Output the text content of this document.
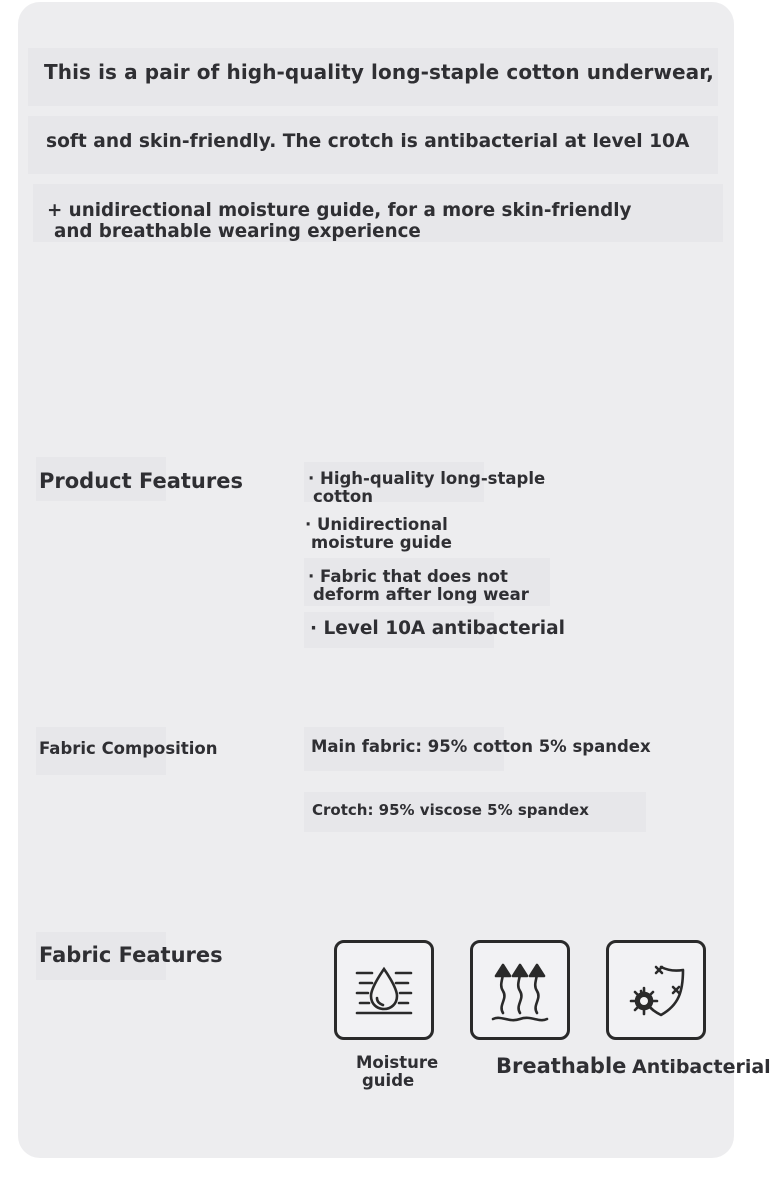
This is a pair of high-quality long-staple cotton underwear,

soft and skin-friendly. The crotch is antibacterial at level 10A

+ unidirectional moisture guide, for a more skin-friendly
and breathable wearing experience
Product Features	· High-quality long-staple
cotton
· Unidirectional
moisture guide
· Fabric that does not
deform after long wear
· Level 10A antibacterial
Fabric Composition	Main fabric: 95% cotton 5% spandex

Crotch: 95% viscose 5% spandex

Fabric Features
Moisture
guide

Breathable Antibacterial
